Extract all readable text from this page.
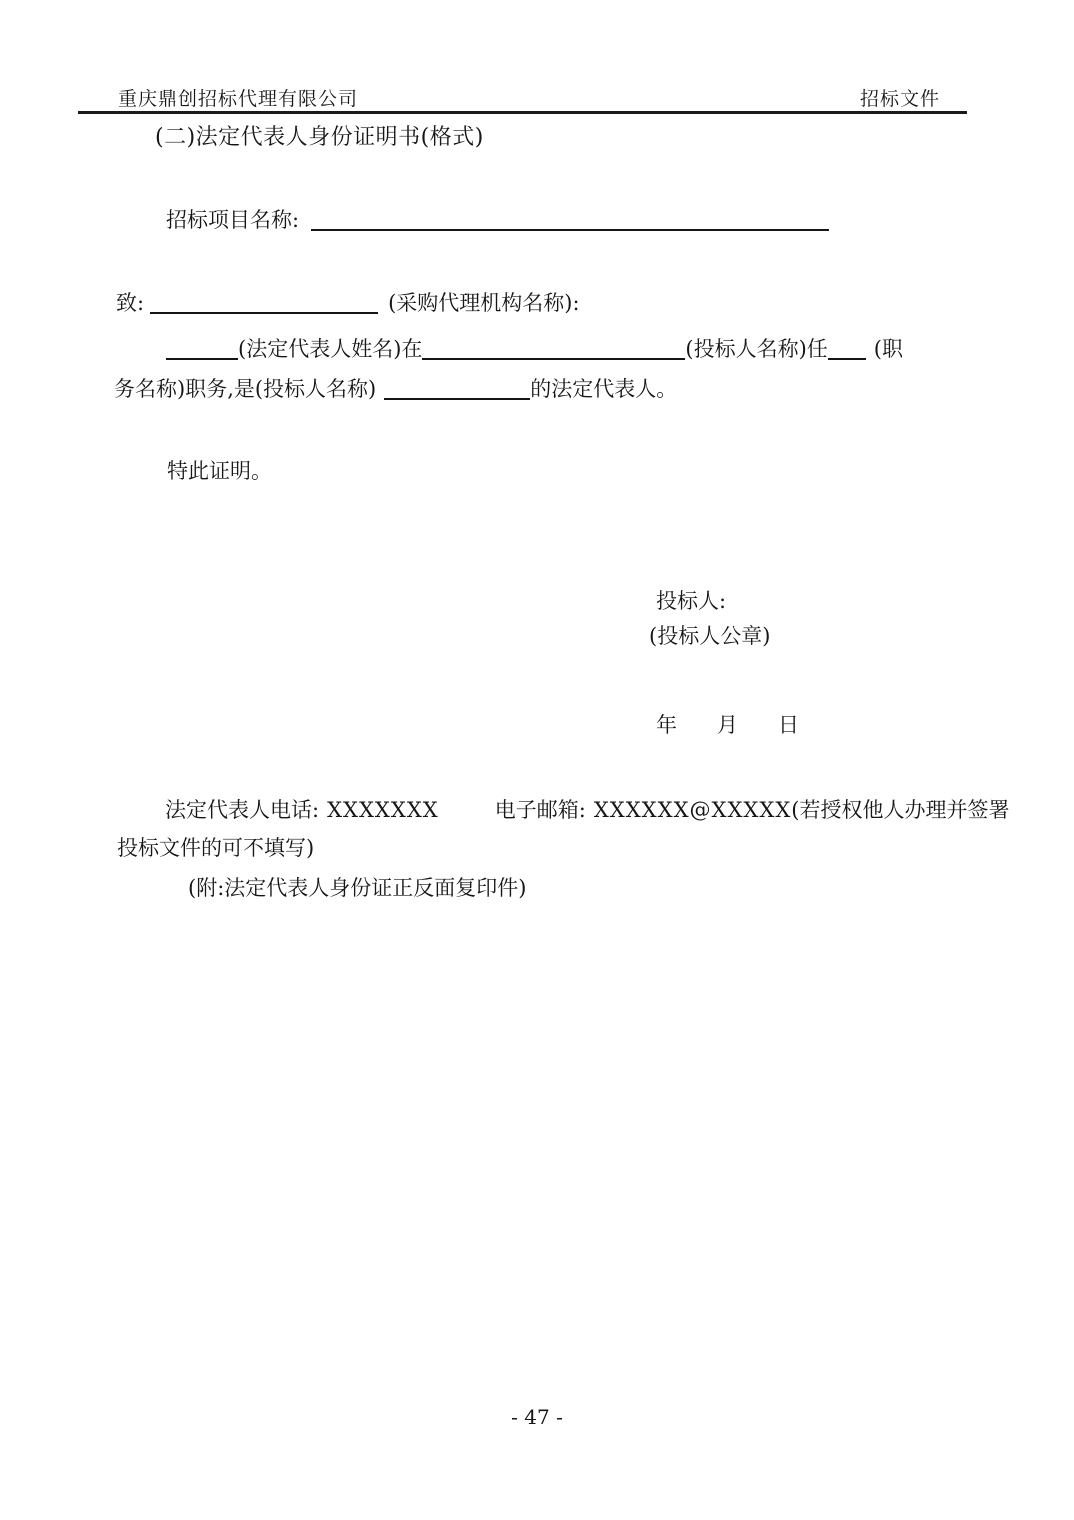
重庆鼎创招标代理有限公司	招标文件
(二)法定代表人身份证明书(格式)
招标项目名称:
致:	(采购代理机构名称):
(法定代表人姓名)在	(投标人名称)任 (职
务名称)职务,是(投标人名称)	的法定代表人。
特此证明。
投标人:
(投标人公章)
年 月 日
法定代表人电话: XXXXXXX	电子邮箱: XXXXXX@XXXXX(若授权他人办理并签署
投标文件的可不填写)
(附:法定代表人身份证正反面复印件)
- 47 -
